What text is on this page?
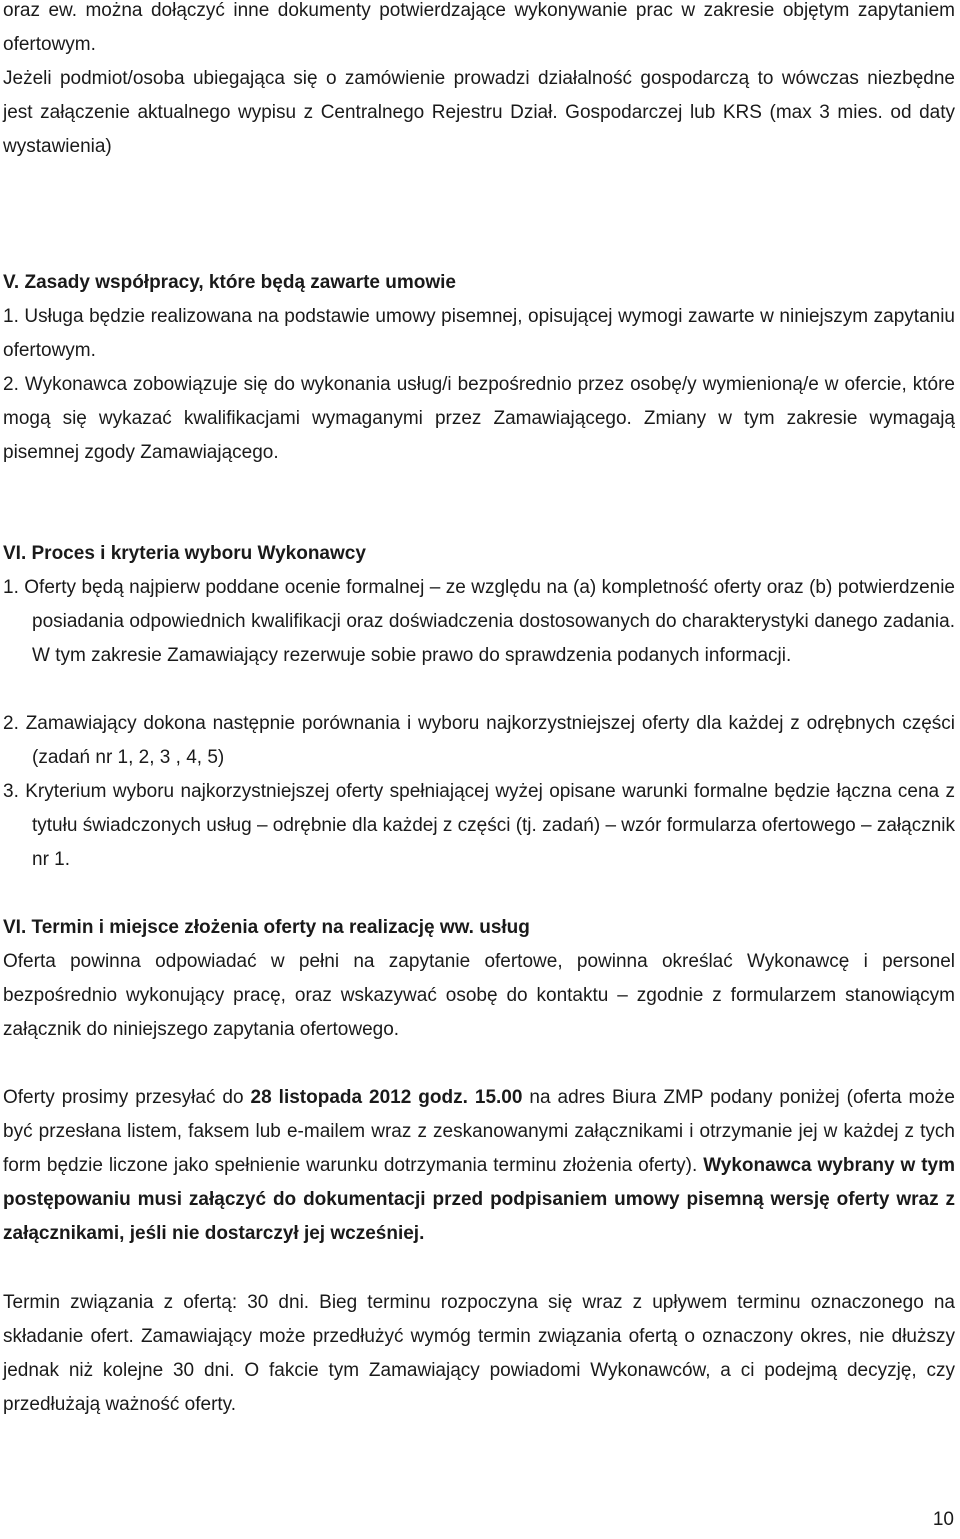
oraz ew. można dołączyć inne dokumenty potwierdzające wykonywanie prac w zakresie objętym zapytaniem ofertowym.

Jeżeli podmiot/osoba ubiegająca się o zamówienie prowadzi działalność gospodarczą to wówczas niezbędne jest załączenie aktualnego wypisu z Centralnego Rejestru Dział. Gospodarczej lub KRS (max 3 mies. od daty wystawienia)

V. Zasady współpracy, które będą zawarte umowie

1. Usługa będzie realizowana na podstawie umowy pisemnej, opisującej wymogi zawarte w niniejszym zapytaniu ofertowym.

2. Wykonawca zobowiązuje się do wykonania usług/i bezpośrednio przez osobę/y wymienioną/e w ofercie, które mogą się wykazać kwalifikacjami wymaganymi przez Zamawiającego. Zmiany w tym zakresie wymagają pisemnej zgody Zamawiającego.

VI. Proces i kryteria wyboru Wykonawcy

1. Oferty będą najpierw poddane ocenie formalnej – ze względu na (a) kompletność oferty oraz (b) potwierdzenie posiadania odpowiednich kwalifikacji oraz doświadczenia dostosowanych do charakterystyki danego zadania. W tym zakresie Zamawiający rezerwuje sobie prawo do sprawdzenia podanych informacji.

2. Zamawiający dokona następnie porównania i wyboru najkorzystniejszej oferty dla każdej z odrębnych części (zadań nr 1, 2, 3 , 4, 5)

3. Kryterium wyboru najkorzystniejszej oferty spełniającej wyżej opisane warunki formalne będzie łączna cena z tytułu świadczonych usług – odrębnie dla każdej z części (tj. zadań) – wzór formularza ofertowego – załącznik nr 1.

VI. Termin i miejsce złożenia oferty na realizację ww. usług

Oferta powinna odpowiadać w pełni na zapytanie ofertowe, powinna określać Wykonawcę i personel bezpośrednio wykonujący pracę, oraz wskazywać osobę do kontaktu – zgodnie z formularzem stanowiącym załącznik do niniejszego zapytania ofertowego.

Oferty prosimy przesyłać do 28 listopada 2012 godz. 15.00 na adres Biura ZMP podany poniżej (oferta może być przesłana listem, faksem lub e-mailem wraz z zeskanowanymi załącznikami i otrzymanie jej w każdej z tych form będzie liczone jako spełnienie warunku dotrzymania terminu złożenia oferty). Wykonawca wybrany w tym postępowaniu musi załączyć do dokumentacji przed podpisaniem umowy pisemną wersję oferty wraz z załącznikami, jeśli nie dostarczył jej wcześniej.

Termin związania z ofertą: 30 dni. Bieg terminu rozpoczyna się wraz z upływem terminu oznaczonego na składanie ofert. Zamawiający może przedłużyć wymóg termin związania ofertą o oznaczony okres, nie dłuższy jednak niż kolejne 30 dni. O fakcie tym Zamawiający powiadomi Wykonawców, a ci podejmą decyzję, czy przedłużają ważność oferty.

10
